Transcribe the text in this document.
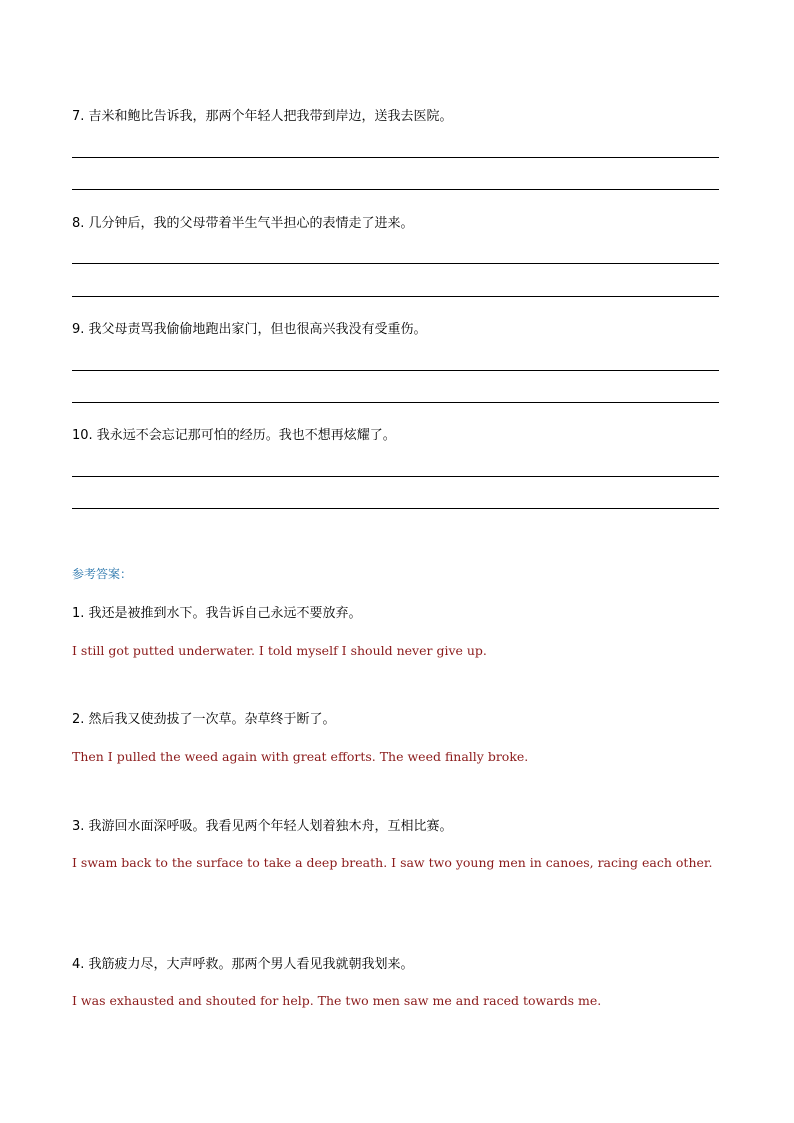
7. 吉米和鲍比告诉我，那两个年轻人把我带到岸边，送我去医院。
8. 几分钟后，我的父母带着半生气半担心的表情走了进来。
9. 我父母责骂我偷偷地跑出家门，但也很高兴我没有受重伤。
10. 我永远不会忘记那可怕的经历。我也不想再炫耀了。
参考答案：
1. 我还是被推到水下。我告诉自己永远不要放弃。
I still got putted underwater. I told myself I should never give up.
2. 然后我又使劲拔了一次草。杂草终于断了。
Then I pulled the weed again with great efforts. The weed finally broke.
3. 我游回水面深呼吸。我看见两个年轻人划着独木舟，互相比赛。
I swam back to the surface to take a deep breath. I saw two young men in canoes, racing each other.
4. 我筋疲力尽，大声呼救。那两个男人看见我就朝我划来。
I was exhausted and shouted for help. The two men saw me and raced towards me.
